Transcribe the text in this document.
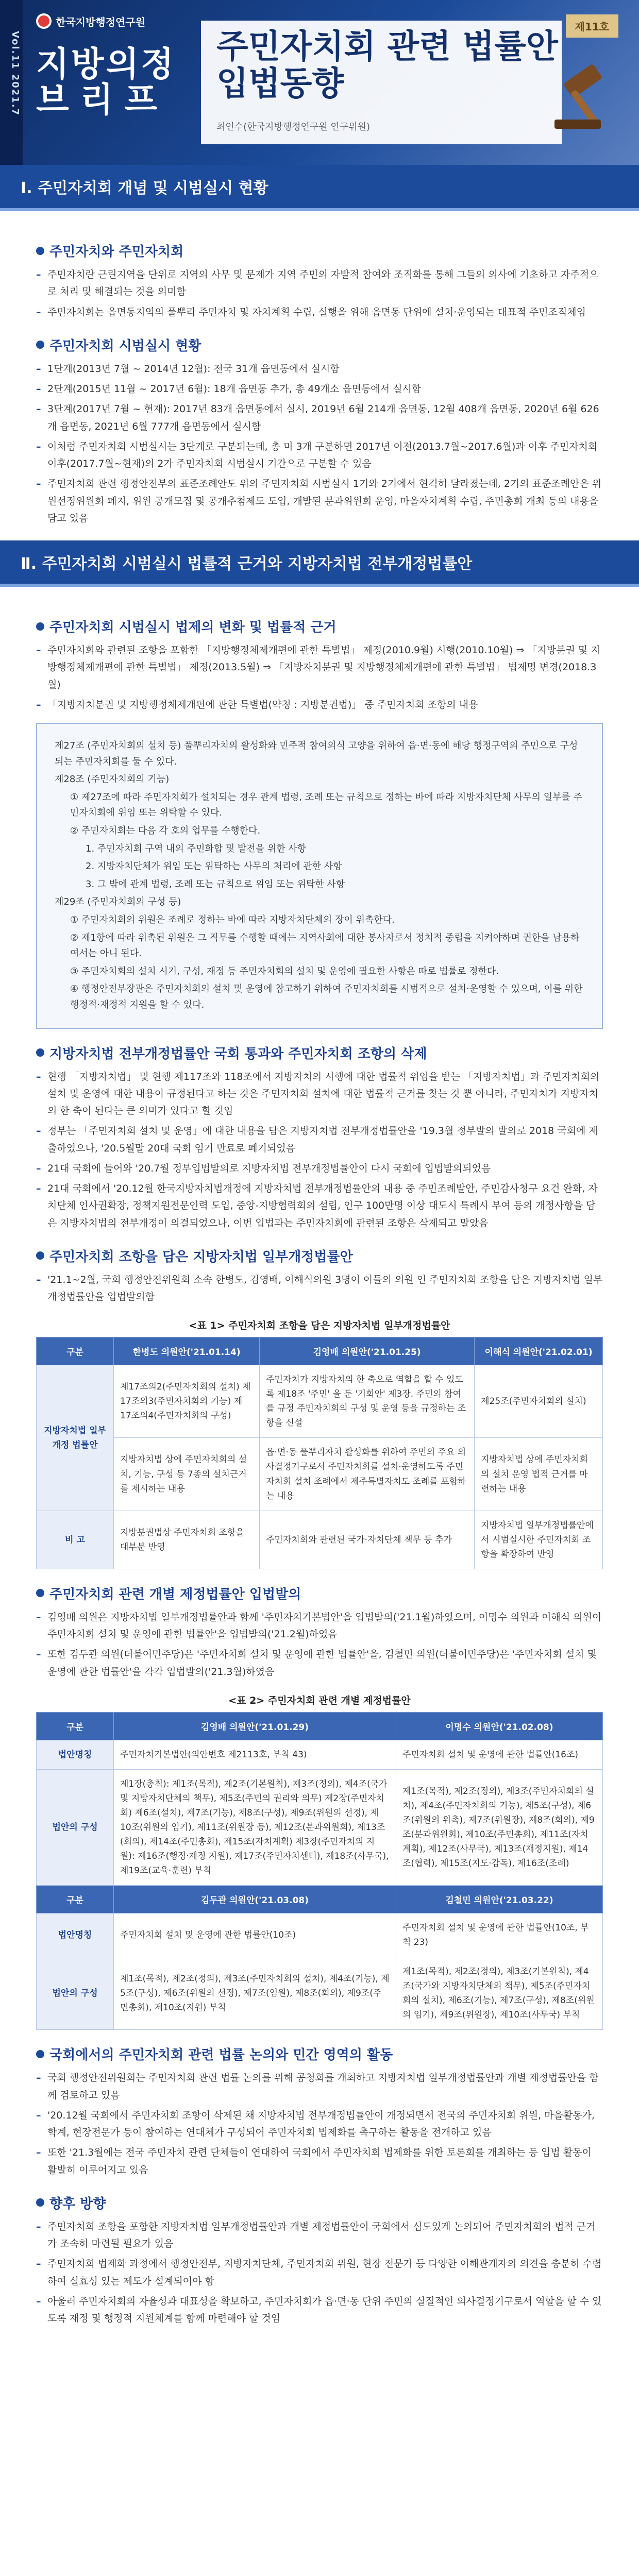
Vol.11 2021.7
한국지방행정연구원
지방의정
브리프
주민자치회 관련 법률안
입법동향
최인수(한국지방행정연구원 연구위원)
제11호
Ⅰ. 주민자치회 개념 및 시범실시 현황
주민자치와 주민자치회
– 주민자치란 근린지역을 단위로 지역의 사무 및 문제가 지역 주민의 자발적 참여와 조직화를 통해 그들의 의사에 기초하고 자주적으로 처리 및 해결되는 것을 의미함
– 주민자치회는 읍면동지역의 풀뿌리 주민자치 및 자치계획 수립, 실행을 위해 읍면동 단위에 설치·운영되는 대표적 주민조직체임
주민자치회 시범실시 현황
– 1단계(2013년 7월 ~ 2014년 12월): 전국 31개 읍면동에서 실시함
– 2단계(2015년 11월 ~ 2017년 6월): 18개 읍면동 추가, 총 49개소 읍면동에서 실시함
– 3단계(2017년 7월 ~ 현재): 2017년 83개 읍면동에서 실시, 2019년 6월 214개 읍면동, 12월 408개 읍면동, 2020년 6월 626개 읍면동, 2021년 6월 777개 읍면동에서 실시함
– 이처럼 주민자치회 시범실시는 3단계로 구분되는데, 총 미 3개 구분하면 2017년 이전(2013.7월~2017.6월)과 이후 주민자치회 이후(2017.7월~현재)의 2가 주민자치회 시범실시 기간으로 구분할 수 있음
– 주민자치회 관련 행정안전부의 표준조례안도 위의 주민자치회 시범실시 1기와 2기에서 현격히 달라졌는데, 2기의 표준조례안은 위원선정위원회 폐지, 위원 공개모집 및 공개추첨제도 도입, 개발된 분과위원회 운영, 마을자치계획 수립, 주민총회 개최 등의 내용을 담고 있음
Ⅱ. 주민자치회 시범실시 법률적 근거와 지방자치법 전부개정법률안
주민자치회 시범실시 법제의 변화 및 법률적 근거
– 주민자치회와 관련된 조항을 포함한 「지방행정체제개편에 관한 특별법」 제정(2010.9월) 시행(2010.10월) ⇒ 「지방분권 및 지방행정체제개편에 관한 특별법」 제정(2013.5월) ⇒ 「지방자치분권 및 지방행정체제개편에 관한 특별법」 법제명 변경(2018.3월)
– 「지방자치분권 및 지방행정체제개편에 관한 특별법(약칭 : 지방분권법)」 중 주민자치회 조항의 내용

제27조 (주민자치회의 설치 등) 풀뿌리자치의 활성화와 민주적 참여의식 고양을 위하여 읍·면·동에 해당 행정구역의 주민으로 구성되는 주민자치회를 둘 수 있다.

제28조 (주민자치회의 기능)

① 제27조에 따라 주민자치회가 설치되는 경우 관계 법령, 조례 또는 규칙으로 정하는 바에 따라 지방자치단체 사무의 일부를 주민자치회에 위임 또는 위탁할 수 있다.

② 주민자치회는 다음 각 호의 업무를 수행한다.

1. 주민자치회 구역 내의 주민화합 및 발전을 위한 사항

2. 지방자치단체가 위임 또는 위탁하는 사무의 처리에 관한 사항

3. 그 밖에 관계 법령, 조례 또는 규칙으로 위임 또는 위탁한 사항

제29조 (주민자치회의 구성 등)

① 주민자치회의 위원은 조례로 정하는 바에 따라 지방자치단체의 장이 위촉한다.

② 제1항에 따라 위촉된 위원은 그 직무를 수행할 때에는 지역사회에 대한 봉사자로서 정치적 중립을 지켜야하며 권한을 남용하여서는 아니 된다.

③ 주민자치회의 설치 시기, 구성, 재정 등 주민자치회의 설치 및 운영에 필요한 사항은 따로 법률로 정한다.

④ 행정안전부장관은 주민자치회의 설치 및 운영에 참고하기 위하여 주민자치회를 시범적으로 설치·운영할 수 있으며, 이를 위한 행정적·재정적 지원을 할 수 있다.

지방자치법 전부개정법률안 국회 통과와 주민자치회 조항의 삭제
– 현행 「지방자치법」 및 현행 제117조와 118조에서 지방자치의 시행에 대한 법률적 위임을 받는 「지방자치법」과 주민자치회의 설치 및 운영에 대한 내용이 규정된다고 하는 것은 주민자치회 설치에 대한 법률적 근거를 찾는 것 뿐 아니라, 주민자치가 지방자치의 한 축이 된다는 큰 의미가 있다고 할 것임
– 정부는 「주민자치회 설치 및 운영」에 대한 내용을 담은 지방자치법 전부개정법률안을 '19.3월 정부발의 발의로 2018 국회에 제출하였으나, '20.5월말 20대 국회 임기 만료로 폐기되었음
– 21대 국회에 들어와 '20.7월 정부입법발의로 지방자치법 전부개정법률안이 다시 국회에 입법발의되었음
– 21대 국회에서 '20.12월 한국지방자치법개정에 지방자치법 전부개정법률안의 내용 중 주민조례발안, 주민감사청구 요건 완화, 자치단체 인사권확장, 정책지원전문인력 도입, 중앙-지방협력회의 설립, 인구 100만명 이상 대도시 특례시 부여 등의 개정사항을 담은 지방자치법의 전부개정이 의결되었으나, 이번 입법과는 주민자치회에 관련된 조항은 삭제되고 말았음
주민자치회 조항을 담은 지방자치법 일부개정법률안
– '21.1~2월, 국회 행정안전위원회 소속 한병도, 김영배, 이해식의원 3명이 이들의 의원 인 주민자치회 조항을 담은 지방자치법 일부개정법률안을 입법발의함
<표 1> 주민자치회 조항을 담은 지방자치법 일부개정법률안
구분	한병도 의원안('21.01.14)	김영배 의원안('21.01.25)	이해식 의원안('21.02.01)
지방자치법 일부개정 법률안	제17조의2(주민자치회의 설치) 제17조의3(주민자치회의 기능) 제17조의4(주민자치회의 구성)	주민자치가 지방자치의 한 축으로 역할을 할 수 있도록 제18조 '주민' 을 둔 '기회안' 제3장. 주민의 참여를 규정 주민자치회의 구성 및 운영 등을 규정하는 조항을 신설	제25조(주민자치회의 설치)
	지방자치법 상에 주민자치회의 설치, 기능, 구성 등 7종의 설치근거를 제시하는 내용	읍·면·동 풀뿌리자치 활성화를 위하여 주민의 주요 의사결정기구로서 주민자치회를 설치·운영하도록 주민자치회 설치 조례에서 제주특별자치도 조례를 포함하는 내용	지방자치법 상에 주민자치회의 설치 운영 법적 근거를 마련하는 내용
비 고	지방분권법상 주민자치회 조항을 대부분 반영	주민자치회와 관련된 국가·자치단체 책무 등 추가	지방자치법 일부개정법률안에서 시범실시한 주민자치회 조항을 확장하여 반영
주민자치회 관련 개별 제정법률안 입법발의
– 김영배 의원은 지방자치법 일부개정법률안과 함께 '주민자치기본법안'을 입법발의('21.1월)하였으며, 이명수 의원과 이해식 의원이 주민자치회 설치 및 운영에 관한 법률안'을 입법발의('21.2월)하였음
– 또한 김두관 의원(더불어민주당)은 '주민자치회 설치 및 운영에 관한 법률안'을, 김철민 의원(더불어민주당)은 '주민자치회 설치 및 운영에 관한 법률안'을 각각 입법발의('21.3월)하였음
<표 2> 주민자치회 관련 개별 제정법률안
구분	김영배 의원안('21.01.29)	이명수 의원안('21.02.08)
법안명칭	주민자치기본법안(의안번호 제2113호, 부칙 43)	주민자치회 설치 및 운영에 관한 법률안(16조)
법안의 구성	제1장(총칙): 제1조(목적), 제2조(기본원칙), 제3조(정의), 제4조(국가 및 지방자치단체의 책무), 제5조(주민의 권리와 의무) 제2장(주민자치회) 제6조(설치), 제7조(기능), 제8조(구성), 제9조(위원의 선정), 제10조(위원의 임기), 제11조(위원장 등), 제12조(분과위원회), 제13조(회의), 제14조(주민총회), 제15조(자치계획) 제3장(주민자치의 지원): 제16조(행정·재정 지원), 제17조(주민자치센터), 제18조(사무국), 제19조(교육·훈련) 부칙	제1조(목적), 제2조(정의), 제3조(주민자치회의 설치), 제4조(주민자치회의 기능), 제5조(구성), 제6조(위원의 위촉), 제7조(위원장), 제8조(회의), 제9조(분과위원회), 제10조(주민총회), 제11조(자치계획), 제12조(사무국), 제13조(재정지원), 제14조(협력), 제15조(지도·감독), 제16조(조례)
구분	김두관 의원안('21.03.08)	김철민 의원안('21.03.22)
법안명칭	주민자치회 설치 및 운영에 관한 법률안(10조)	주민자치회 설치 및 운영에 관한 법률안(10조, 부칙 23)
법안의 구성	제1조(목적), 제2조(정의), 제3조(주민자치회의 설치), 제4조(기능), 제5조(구성), 제6조(위원의 선정), 제7조(임원), 제8조(회의), 제9조(주민총회), 제10조(지원) 부칙	제1조(목적), 제2조(정의), 제3조(기본원칙), 제4조(국가와 지방자치단체의 책무), 제5조(주민자치회의 설치), 제6조(기능), 제7조(구성), 제8조(위원의 임기), 제9조(위원장), 제10조(사무국) 부칙
국회에서의 주민자치회 관련 법률 논의와 민간 영역의 활동
– 국회 행정안전위원회는 주민자치회 관련 법률 논의를 위해 공청회를 개최하고 지방자치법 일부개정법률안과 개별 제정법률안을 함께 검토하고 있음
– '20.12월 국회에서 주민자치회 조항이 삭제된 채 지방자치법 전부개정법률안이 개정되면서 전국의 주민자치회 위원, 마을활동가, 학계, 현장전문가 등이 참여하는 연대체가 구성되어 주민자치회 법제화를 촉구하는 활동을 전개하고 있음
– 또한 '21.3월에는 전국 주민자치 관련 단체들이 연대하여 국회에서 주민자치회 법제화를 위한 토론회를 개최하는 등 입법 활동이 활발히 이루어지고 있음
향후 방향
– 주민자치회 조항을 포함한 지방자치법 일부개정법률안과 개별 제정법률안이 국회에서 심도있게 논의되어 주민자치회의 법적 근거가 조속히 마련될 필요가 있음
– 주민자치회 법제화 과정에서 행정안전부, 지방자치단체, 주민자치회 위원, 현장 전문가 등 다양한 이해관계자의 의견을 충분히 수렴하여 실효성 있는 제도가 설계되어야 함
– 아울러 주민자치회의 자율성과 대표성을 확보하고, 주민자치회가 읍·면·동 단위 주민의 실질적인 의사결정기구로서 역할을 할 수 있도록 재정 및 행정적 지원체계를 함께 마련해야 할 것임
